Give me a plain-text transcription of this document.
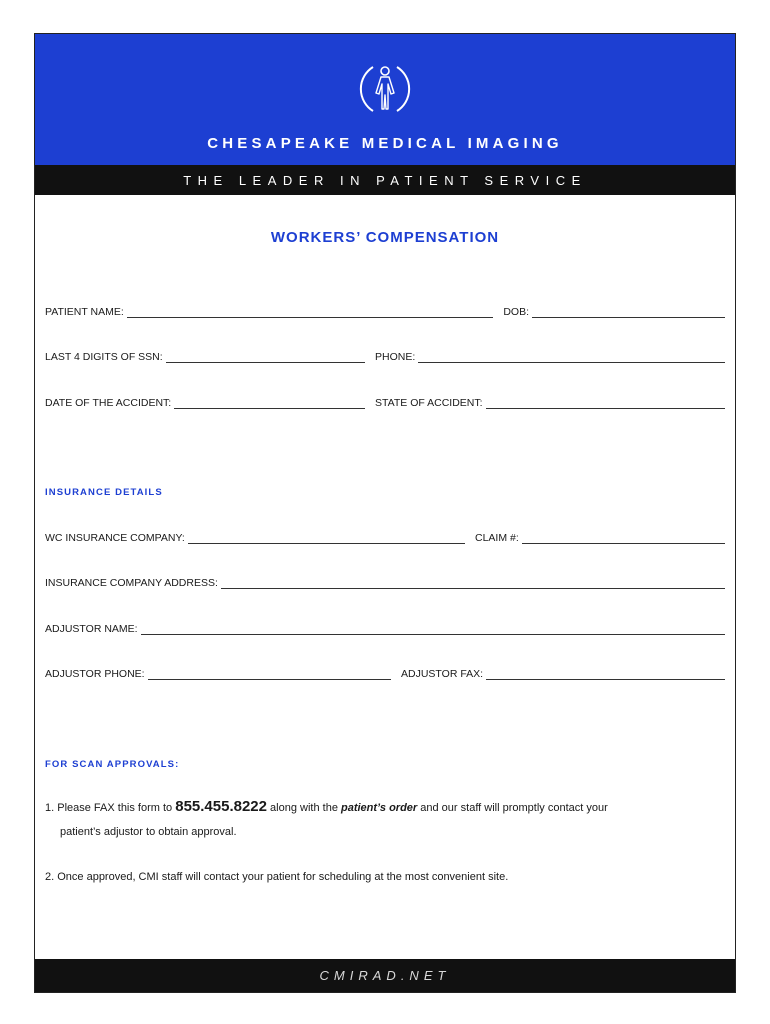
CHESAPEAKE MEDICAL IMAGING
THE LEADER IN PATIENT SERVICE
WORKERS’ COMPENSATION
PATIENT NAME:	DOB:
LAST 4 DIGITS OF SSN:	PHONE:
DATE OF THE ACCIDENT:	STATE OF ACCIDENT:
INSURANCE DETAILS
WC INSURANCE COMPANY:	CLAIM #:
INSURANCE COMPANY ADDRESS:
ADJUSTOR NAME:
ADJUSTOR PHONE:	ADJUSTOR FAX:
FOR SCAN APPROVALS:
1. Please FAX this form to 855.455.8222 along with the patient’s order and our staff will promptly contact your
patient’s adjustor to obtain approval.
2. Once approved, CMI staff will contact your patient for scheduling at the most convenient site.
CMIRAD.NET
